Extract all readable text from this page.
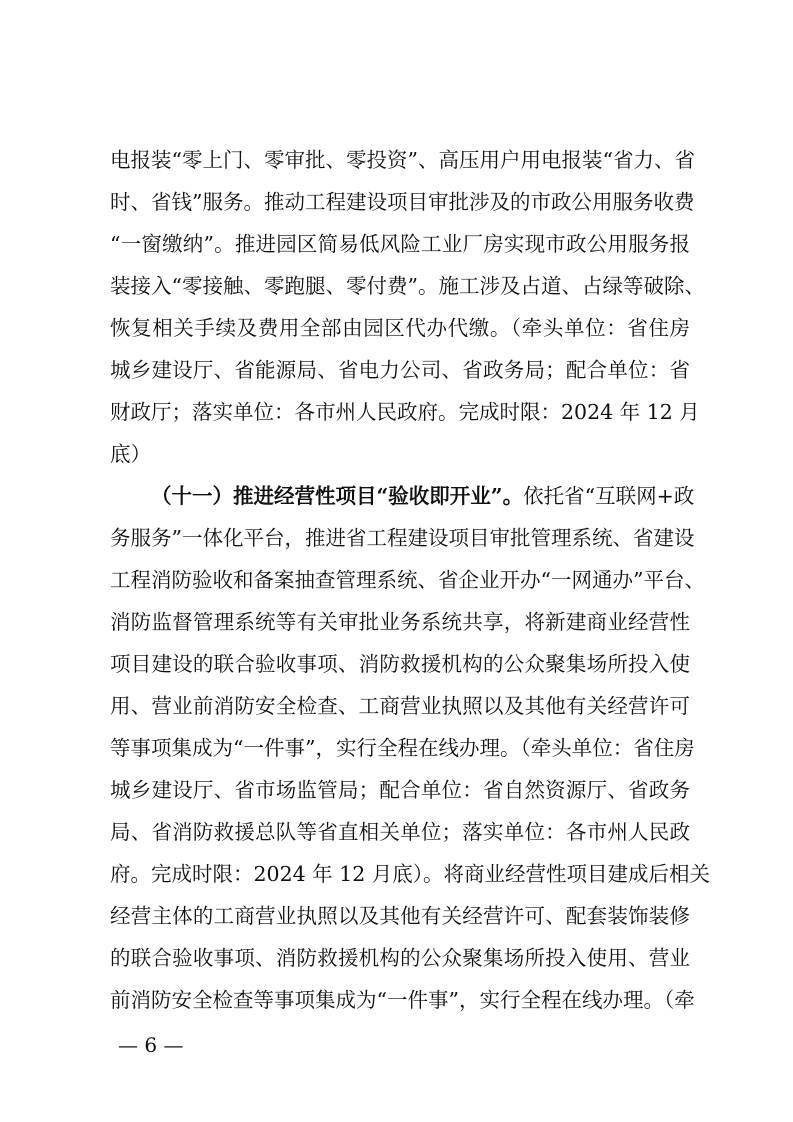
电报装“零上门、零审批、零投资”、高压用户用电报装“省力、省
时、省钱”服务。推动工程建设项目审批涉及的市政公用服务收费
“一窗缴纳”。推进园区简易低风险工业厂房实现市政公用服务报
装接入“零接触、零跑腿、零付费”。施工涉及占道、占绿等破除、
恢复相关手续及费用全部由园区代办代缴。（牵头单位：省住房
城乡建设厅、省能源局、省电力公司、省政务局；配合单位：省
财政厅；落实单位：各市州人民政府。完成时限：2024 年 12 月
底）
（十一）推进经营性项目“验收即开业”。依托省“互联网+政
务服务”一体化平台，推进省工程建设项目审批管理系统、省建设
工程消防验收和备案抽查管理系统、省企业开办“一网通办”平台、
消防监督管理系统等有关审批业务系统共享，将新建商业经营性
项目建设的联合验收事项、消防救援机构的公众聚集场所投入使
用、营业前消防安全检查、工商营业执照以及其他有关经营许可
等事项集成为“一件事”，实行全程在线办理。（牵头单位：省住房
城乡建设厅、省市场监管局；配合单位：省自然资源厅、省政务
局、省消防救援总队等省直相关单位；落实单位：各市州人民政
府。完成时限：2024 年 12 月底）。将商业经营性项目建成后相关
经营主体的工商营业执照以及其他有关经营许可、配套装饰装修
的联合验收事项、消防救援机构的公众聚集场所投入使用、营业
前消防安全检查等事项集成为“一件事”，实行全程在线办理。（牵
— 6 —
